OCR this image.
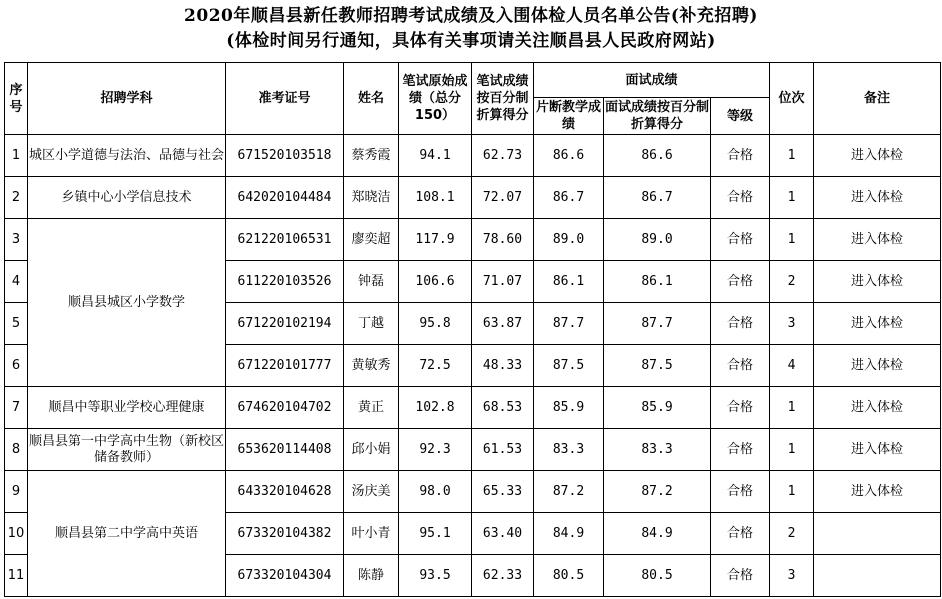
2020年顺昌县新任教师招聘考试成绩及入围体检人员名单公告(补充招聘)
(体检时间另行通知，具体有关事项请关注顺昌县人民政府网站)
序号	招聘学科	准考证号	姓名	笔试原始成绩（总分150）	笔试成绩按百分制折算得分	面试成绩			位次	备注
						片断教学成绩	面试成绩按百分制折算得分	等级		
1	城区小学道德与法治、品德与社会	671520103518	蔡秀霞	94.1	62.73	86.6	86.6	合格	1	进入体检
2	乡镇中心小学信息技术	642020104484	郑晓洁	108.1	72.07	86.7	86.7	合格	1	进入体检
3	顺昌县城区小学数学	621220106531	廖奕超	117.9	78.60	89.0	89.0	合格	1	进入体检
4		611220103526	钟磊	106.6	71.07	86.1	86.1	合格	2	进入体检
5		671220102194	丁越	95.8	63.87	87.7	87.7	合格	3	进入体检
6		671220101777	黄敏秀	72.5	48.33	87.5	87.5	合格	4	进入体检
7	顺昌中等职业学校心理健康	674620104702	黄正	102.8	68.53	85.9	85.9	合格	1	进入体检
8	顺昌县第一中学高中生物（新校区储备教师）	653620114408	邱小娟	92.3	61.53	83.3	83.3	合格	1	进入体检
9	顺昌县第二中学高中英语	643320104628	汤庆美	98.0	65.33	87.2	87.2	合格	1	进入体检
10		673320104382	叶小青	95.1	63.40	84.9	84.9	合格	2	
11		673320104304	陈静	93.5	62.33	80.5	80.5	合格	3	
